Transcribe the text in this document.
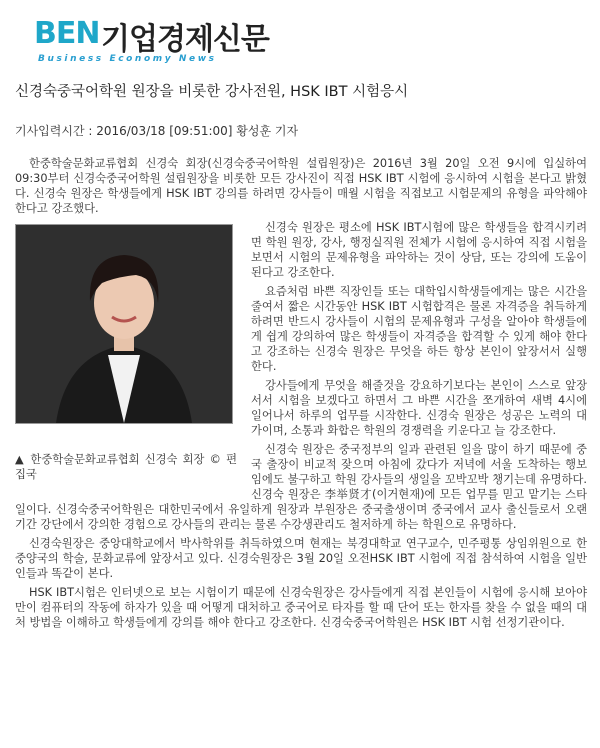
BEN 기업경제신문
Business Economy News
신경숙중국어학원 원장을 비롯한 강사전원, HSK IBT 시험응시
기사입력시간 : 2016/03/18 [09:51:00] 황성훈 기자

한중학술문화교류협회 신경숙 회장(신경숙중국어학원 설립원장)은 2016년 3월 20일 오전 9시에 입실하여 09:30부터 신경숙중국어학원 설립원장을 비롯한 모든 강사진이 직접 HSK IBT 시험에 응시하여 시험을 본다고 밝혔다. 신경숙 원장은 학생들에게 HSK IBT 강의를 하려면 강사들이 매월 시험을 직접보고 시험문제의 유형을 파악해야 한다고 강조했다.

▲ 한중학술문화교류협회 신경숙 회장 © 편집국

신경숙 원장은 평소에 HSK IBT시험에 많은 학생들을 합격시키려면 학원 원장, 강사, 행정실직원 전체가 시험에 응시하여 직접 시험을 보면서 시험의 문제유형을 파악하는 것이 상담, 또는 강의에 도움이 된다고 강조한다.

요즘처럼 바쁜 직장인들 또는 대학입시학생들에게는 많은 시간을 줄여서 짧은 시간동안 HSK IBT 시험합격은 물론 자격증을 취득하게 하려면 반드시 강사들이 시험의 문제유형과 구성을 알아야 학생들에게 쉽게 강의하여 많은 학생들이 자격증을 합격할 수 있게 해야 한다고 강조하는 신경숙 원장은 무엇을 하든 항상 본인이 앞장서서 실행한다.

강사들에게 무엇을 해줄것을 강요하기보다는 본인이 스스로 앞장서서 시험을 보겠다고 하면서 그 바쁜 시간을 쪼개하여 새벽 4시에 일어나서 하루의 업무를 시작한다. 신경숙 원장은 성공은 노력의 대가이며, 소통과 화합은 학원의 경쟁력을 키운다고 늘 강조한다.

신경숙 원장은 중국정부의 일과 관련된 일을 많이 하기 때문에 중국 출장이 비교적 잦으며 아침에 갔다가 저녁에 서울 도착하는 행보임에도 불구하고 학원 강사들의 생일을 꼬박꼬박 챙기는데 유명하다. 신경숙 원장은 李举贤才(이거현재)에 모든 업무를 믿고 맡기는 스타일이다. 신경숙중국어학원은 대한민국에서 유일하게 원장과 부원장은 중국출생이며 중국에서 교사 출신들로서 오랜 기간 강단에서 강의한 경험으로 강사들의 관리는 물론 수강생관리도 철저하게 하는 학원으로 유명하다.

신경숙원장은 중앙대학교에서 박사학위를 취득하였으며 현재는 북경대학교 연구교수, 민주평통 상임위원으로 한중양국의 학술, 문화교류에 앞장서고 있다. 신경숙원장은 3월 20일 오전HSK IBT 시험에 직접 참석하여 시험을 일반인들과 똑같이 본다.

HSK IBT시험은 인터넷으로 보는 시험이기 때문에 신경숙원장은 강사들에게 직접 본인들이 시험에 응시해 보아야만이 컴퓨터의 작동에 하자가 있을 때 어떻게 대처하고 중국어로 타자를 할 때 단어 또는 한자를 찾을 수 없을 때의 대처 방법을 이해하고 학생들에게 강의를 해야 한다고 강조한다. 신경숙중국어학원은 HSK IBT 시험 선정기관이다.
